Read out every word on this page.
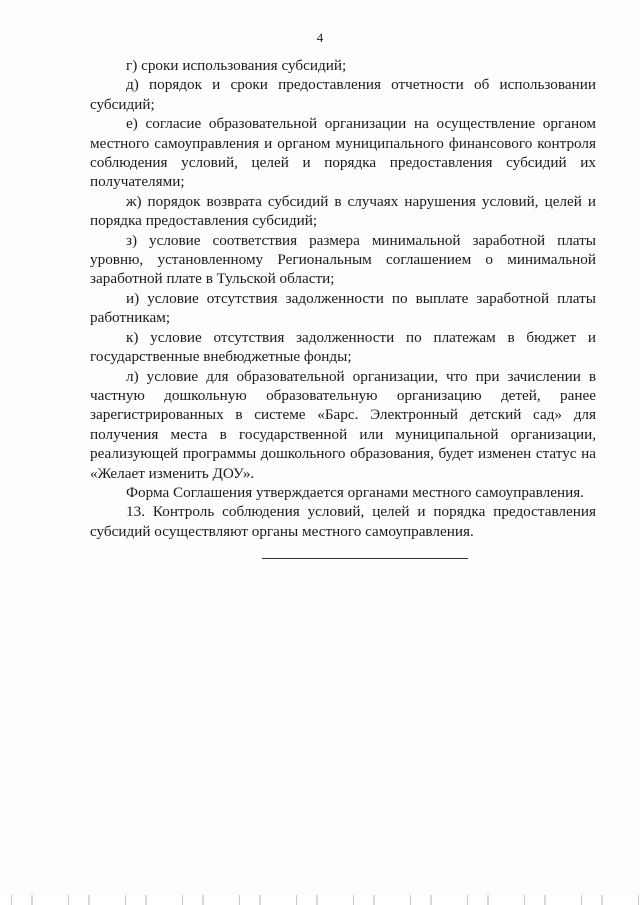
4

г) сроки использования субсидий;

д) порядок и сроки предоставления отчетности об использовании субсидий;

е) согласие образовательной организации на осуществление органом местного самоуправления и органом муниципального финансового контроля соблюдения условий, целей и порядка предоставления субсидий их получателями;

ж) порядок возврата субсидий в случаях нарушения условий, целей и порядка предоставления субсидий;

з) условие соответствия размера минимальной заработной платы уровню, установленному Региональным соглашением о минимальной заработной плате в Тульской области;

и) условие отсутствия задолженности по выплате заработной платы работникам;

к) условие отсутствия задолженности по платежам в бюджет и государственные внебюджетные фонды;

л) условие для образовательной организации, что при зачислении в частную дошкольную образовательную организацию детей, ранее зарегистрированных в системе «Барс. Электронный детский сад» для получения места в государственной или муниципальной организации, реализующей программы дошкольного образования, будет изменен статус на «Желает изменить ДОУ».

Форма Соглашения утверждается органами местного самоуправления.

13. Контроль соблюдения условий, целей и порядка предоставления субсидий осуществляют органы местного самоуправления.
